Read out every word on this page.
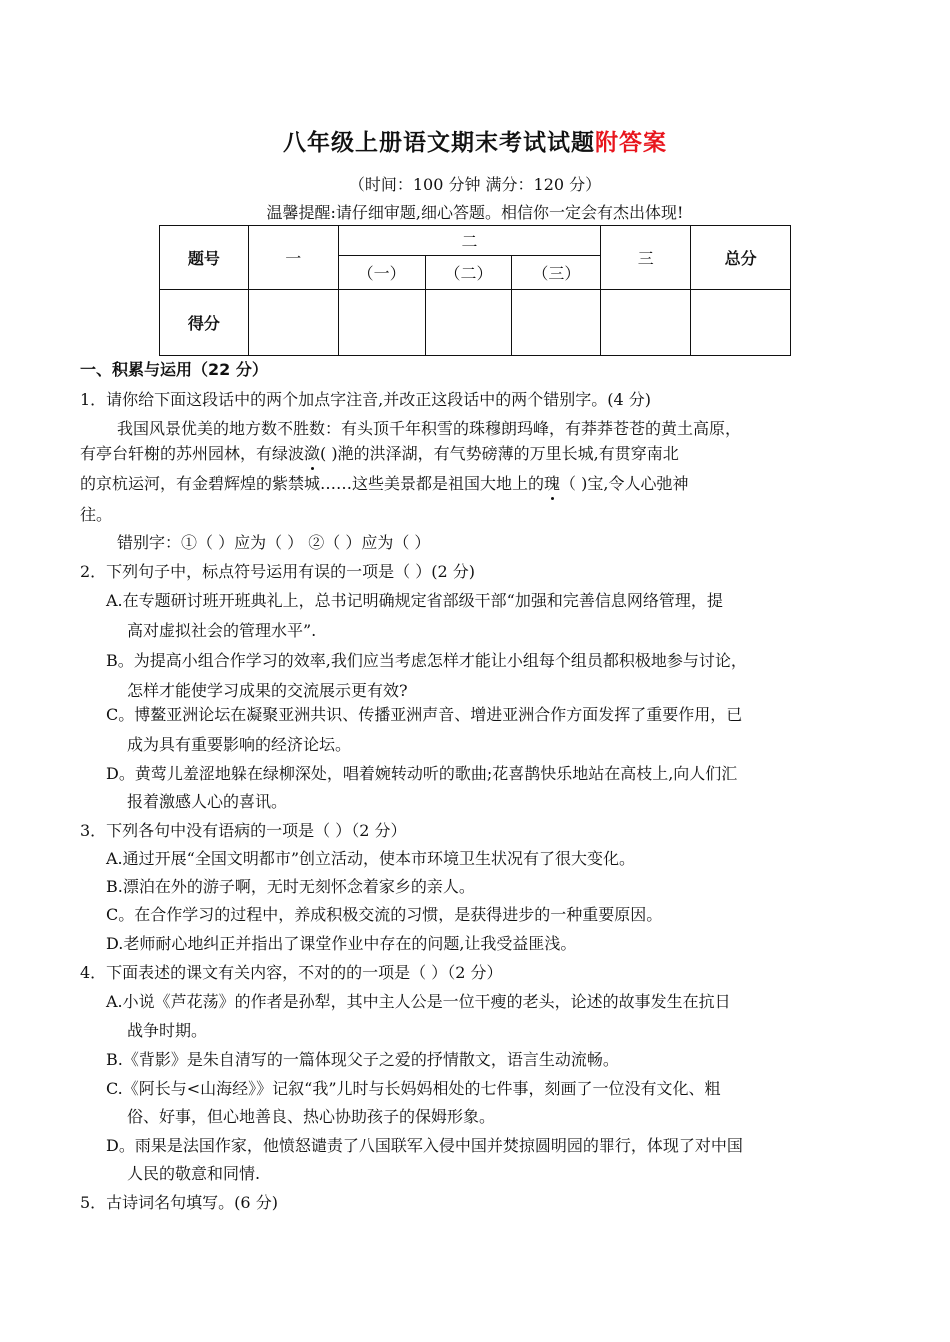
八年级上册语文期末考试试题附答案
（时间：100 分钟 满分：120 分）
温馨提醒:请仔细审题,细心答题。相信你一定会有杰出体现!
题号	一	二			三	总分
		（一）	（二）	（三）		
得分						
一、积累与运用（22 分）
1．请你给下面这段话中的两个加点字注音,并改正这段话中的两个错别字。(4 分)
我国风景优美的地方数不胜数：有头顶千年积雪的珠穆朗玛峰，有莽莽苍苍的黄土高原，
有亭台轩榭的苏州园林，有绿波潋( )滟的洪泽湖，有气势磅薄的万里长城,有贯穿南北
的京杭运河，有金碧辉煌的紫禁城……这些美景都是祖国大地上的瑰（ )宝,令人心弛神
往。
错别字：①（ ）应为（ ） ②（ ）应为（ ）
2．下列句子中，标点符号运用有误的一项是（ ）(2 分)
A.在专题研讨班开班典礼上，总书记明确规定省部级干部“加强和完善信息网络管理，提
高对虚拟社会的管理水平”.
B。为提高小组合作学习的效率,我们应当考虑怎样才能让小组每个组员都积极地参与讨论，
怎样才能使学习成果的交流展示更有效?
C。博鳌亚洲论坛在凝聚亚洲共识、传播亚洲声音、增进亚洲合作方面发挥了重要作用，已
成为具有重要影响的经济论坛。
D。黄莺儿羞涩地躲在绿柳深处，唱着婉转动听的歌曲;花喜鹊快乐地站在高枝上,向人们汇
报着激感人心的喜讯。
3．下列各句中没有语病的一项是（ ）（2 分）
A.通过开展“全国文明都市”创立活动，使本市环境卫生状况有了很大变化。
B.漂泊在外的游子啊，无时无刻怀念着家乡的亲人。
C。在合作学习的过程中，养成积极交流的习惯，是获得进步的一种重要原因。
D.老师耐心地纠正并指出了课堂作业中存在的问题,让我受益匪浅。
4．下面表述的课文有关内容，不对的的一项是（ ）（2 分）
A.小说《芦花荡》的作者是孙犁，其中主人公是一位干瘦的老头，论述的故事发生在抗日
战争时期。
B.《背影》是朱自清写的一篇体现父子之爱的抒情散文，语言生动流畅。
C.《阿长与<山海经》》记叙“我”儿时与长妈妈相处的七件事，刻画了一位没有文化、粗
俗、好事，但心地善良、热心协助孩子的保姆形象。
D。雨果是法国作家，他愤怒谴责了八国联军入侵中国并焚掠圆明园的罪行，体现了对中国
人民的敬意和同情.
5．古诗词名句填写。(6 分)
